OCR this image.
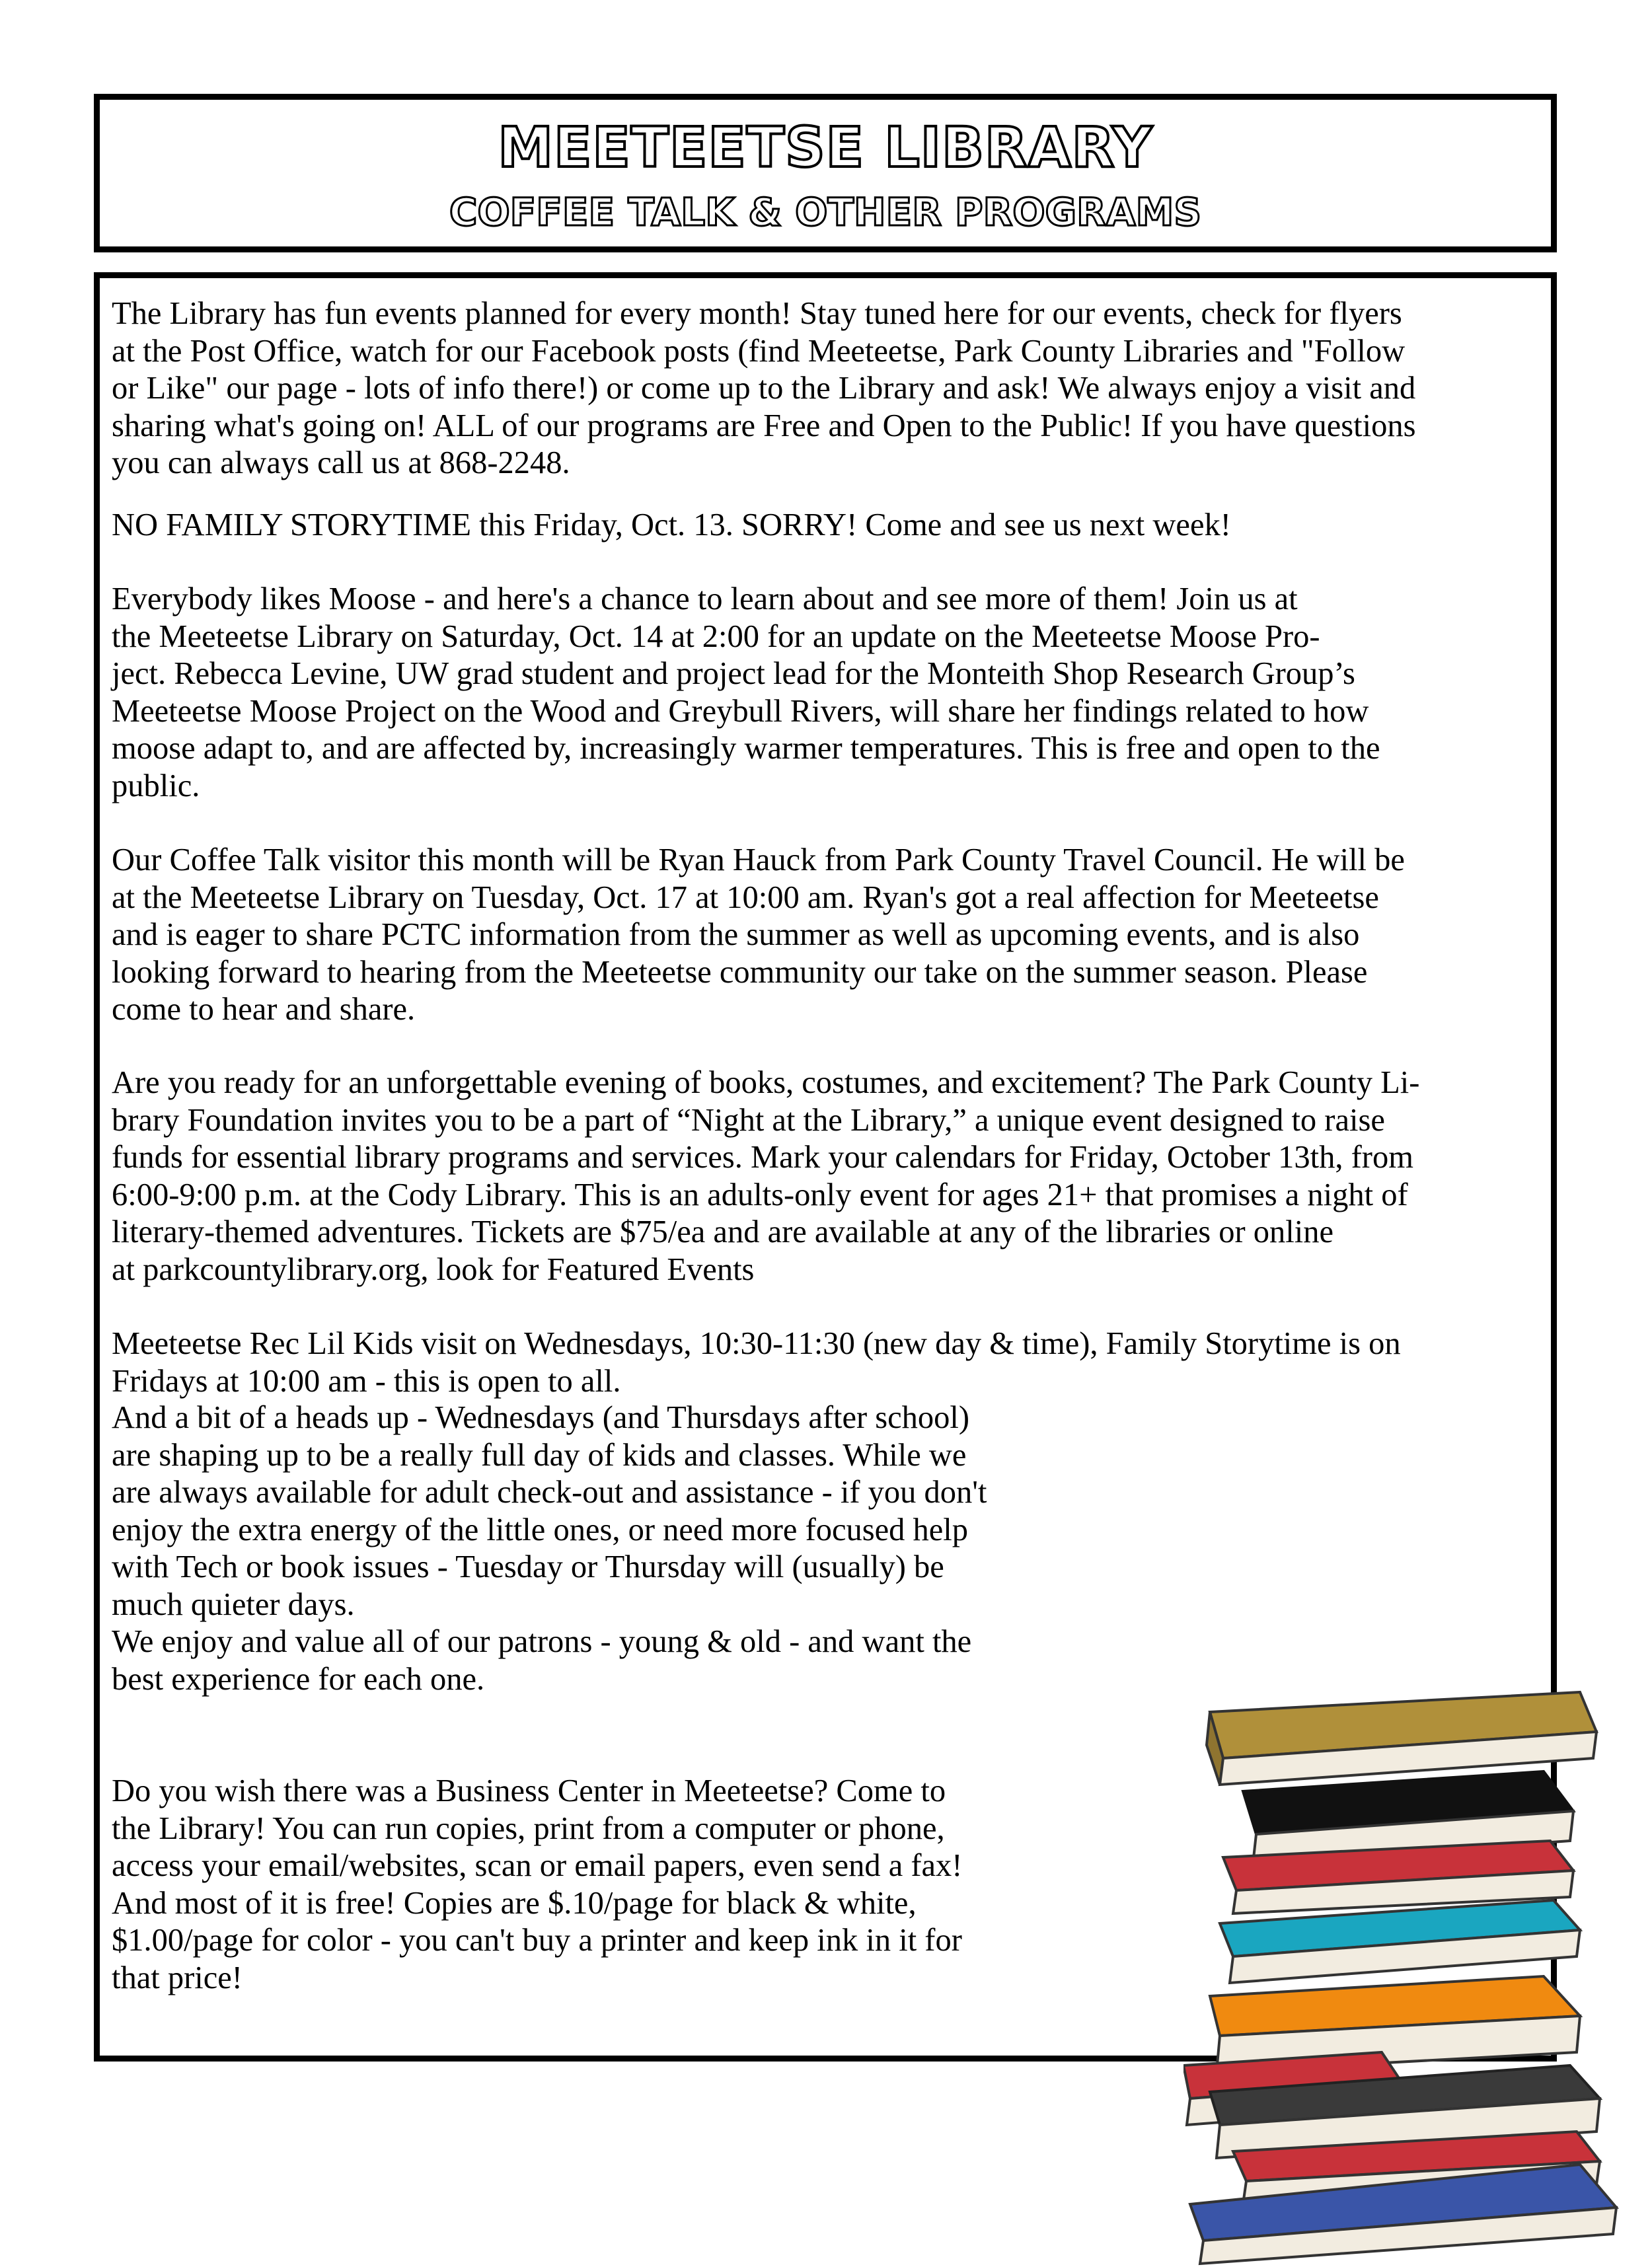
MEETEETSE LIBRARY
COFFEE TALK & OTHER PROGRAMS

The Library has fun events planned for every month! Stay tuned here for our events, check for flyers
at the Post Office, watch for our Facebook posts (find Meeteetse, Park County Libraries and "Follow
or Like" our page - lots of info there!) or come up to the Library and ask! We always enjoy a visit and
sharing what's going on! ALL of our programs are Free and Open to the Public! If you have questions
you can always call us at 868-2248.

NO FAMILY STORYTIME this Friday, Oct. 13. SORRY! Come and see us next week!

Everybody likes Moose - and here's a chance to learn about and see more of them! Join us at
the Meeteetse Library on Saturday, Oct. 14 at 2:00 for an update on the Meeteetse Moose Pro-
ject. Rebecca Levine, UW grad student and project lead for the Monteith Shop Research Group’s
Meeteetse Moose Project on the Wood and Greybull Rivers, will share her findings related to how
moose adapt to, and are affected by, increasingly warmer temperatures. This is free and open to the
public.

Our Coffee Talk visitor this month will be Ryan Hauck from Park County Travel Council. He will be
at the Meeteetse Library on Tuesday, Oct. 17 at 10:00 am. Ryan's got a real affection for Meeteetse
and is eager to share PCTC information from the summer as well as upcoming events, and is also
looking forward to hearing from the Meeteetse community our take on the summer season. Please
come to hear and share.

Are you ready for an unforgettable evening of books, costumes, and excitement? The Park County Li-
brary Foundation invites you to be a part of “Night at the Library,” a unique event designed to raise
funds for essential library programs and services. Mark your calendars for Friday, October 13th, from
6:00-9:00 p.m. at the Cody Library. This is an adults-only event for ages 21+ that promises a night of
literary-themed adventures. Tickets are $75/ea and are available at any of the libraries or online
at parkcountylibrary.org, look for Featured Events

Meeteetse Rec Lil Kids visit on Wednesdays, 10:30-11:30 (new day & time), Family Storytime is on
Fridays at 10:00 am - this is open to all.

And a bit of a heads up - Wednesdays (and Thursdays after school)
are shaping up to be a really full day of kids and classes. While we
are always available for adult check-out and assistance - if you don't
enjoy the extra energy of the little ones, or need more focused help
with Tech or book issues - Tuesday or Thursday will (usually) be
much quieter days.
We enjoy and value all of our patrons - young & old - and want the
best experience for each one.

Do you wish there was a Business Center in Meeteetse? Come to
the Library! You can run copies, print from a computer or phone,
access your email/websites, scan or email papers, even send a fax!
And most of it is free! Copies are $.10/page for black & white,
$1.00/page for color - you can't buy a printer and keep ink in it for
that price!
